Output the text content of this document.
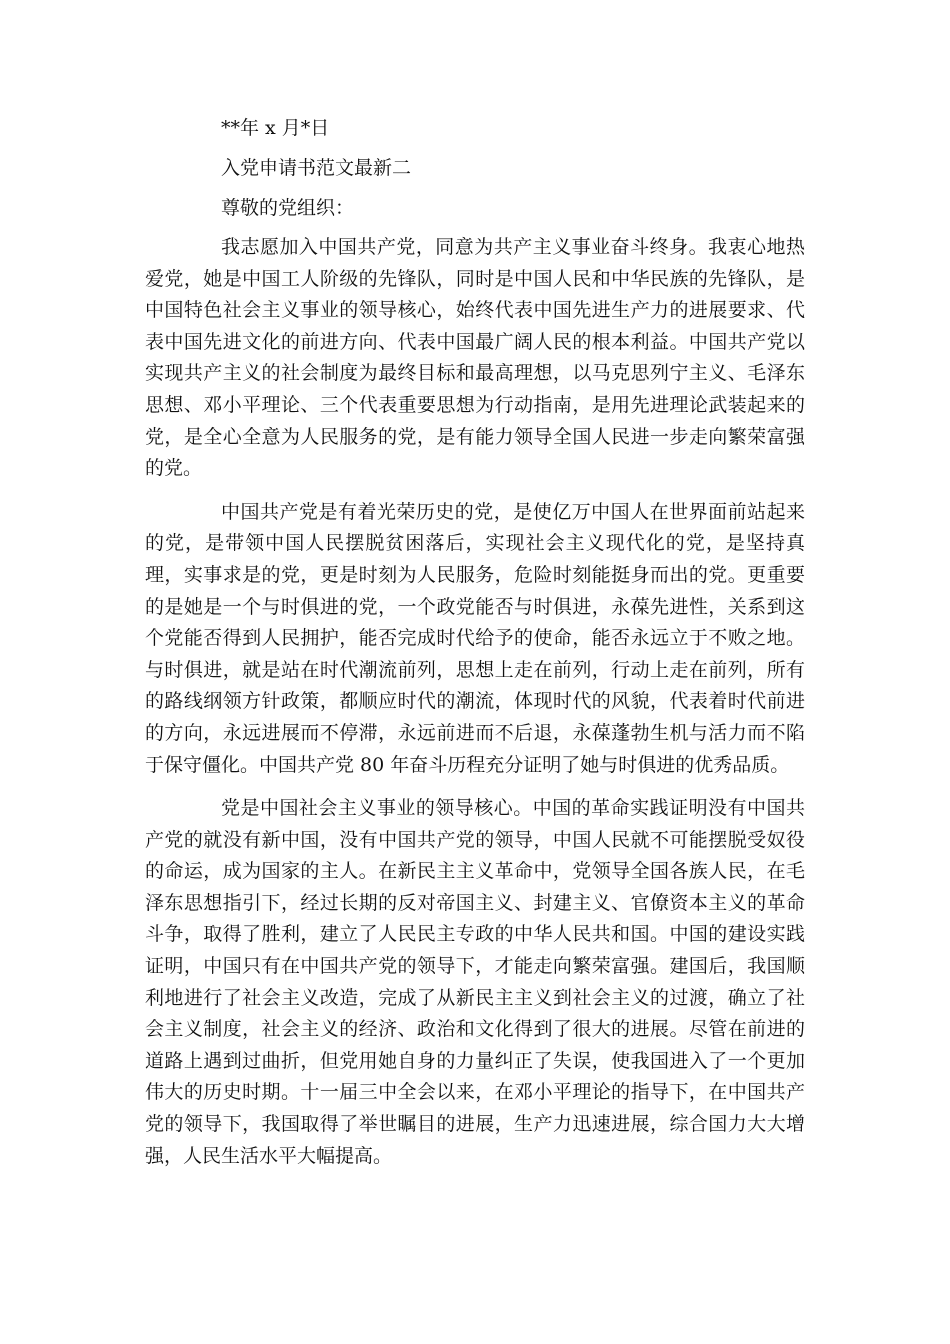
**年 x 月*日
入党申请书范文最新二
尊敬的党组织：

我志愿加入中国共产党，同意为共产主义事业奋斗终身。我衷心地热爱党，她是中国工人阶级的先锋队，同时是中国人民和中华民族的先锋队，是中国特色社会主义事业的领导核心，始终代表中国先进生产力的进展要求、代表中国先进文化的前进方向、代表中国最广阔人民的根本利益。中国共产党以实现共产主义的社会制度为最终目标和最高理想，以马克思列宁主义、毛泽东思想、邓小平理论、三个代表重要思想为行动指南，是用先进理论武装起来的党，是全心全意为人民服务的党，是有能力领导全国人民进一步走向繁荣富强的党。

中国共产党是有着光荣历史的党，是使亿万中国人在世界面前站起来的党，是带领中国人民摆脱贫困落后，实现社会主义现代化的党，是坚持真理，实事求是的党，更是时刻为人民服务，危险时刻能挺身而出的党。更重要的是她是一个与时俱进的党，一个政党能否与时俱进，永葆先进性，关系到这个党能否得到人民拥护，能否完成时代给予的使命，能否永远立于不败之地。与时俱进，就是站在时代潮流前列，思想上走在前列，行动上走在前列，所有的路线纲领方针政策，都顺应时代的潮流，体现时代的风貌，代表着时代前进的方向，永远进展而不停滞，永远前进而不后退，永葆蓬勃生机与活力而不陷于保守僵化。中国共产党 80 年奋斗历程充分证明了她与时俱进的优秀品质。

党是中国社会主义事业的领导核心。中国的革命实践证明没有中国共产党的就没有新中国，没有中国共产党的领导，中国人民就不可能摆脱受奴役的命运，成为国家的主人。在新民主主义革命中，党领导全国各族人民，在毛泽东思想指引下，经过长期的反对帝国主义、封建主义、官僚资本主义的革命斗争，取得了胜利，建立了人民民主专政的中华人民共和国。中国的建设实践证明，中国只有在中国共产党的领导下，才能走向繁荣富强。建国后，我国顺利地进行了社会主义改造，完成了从新民主主义到社会主义的过渡，确立了社会主义制度，社会主义的经济、政治和文化得到了很大的进展。尽管在前进的道路上遇到过曲折，但党用她自身的力量纠正了失误，使我国进入了一个更加伟大的历史时期。十一届三中全会以来，在邓小平理论的指导下，在中国共产党的领导下，我国取得了举世瞩目的进展，生产力迅速进展，综合国力大大增强，人民生活水平大幅提高。
